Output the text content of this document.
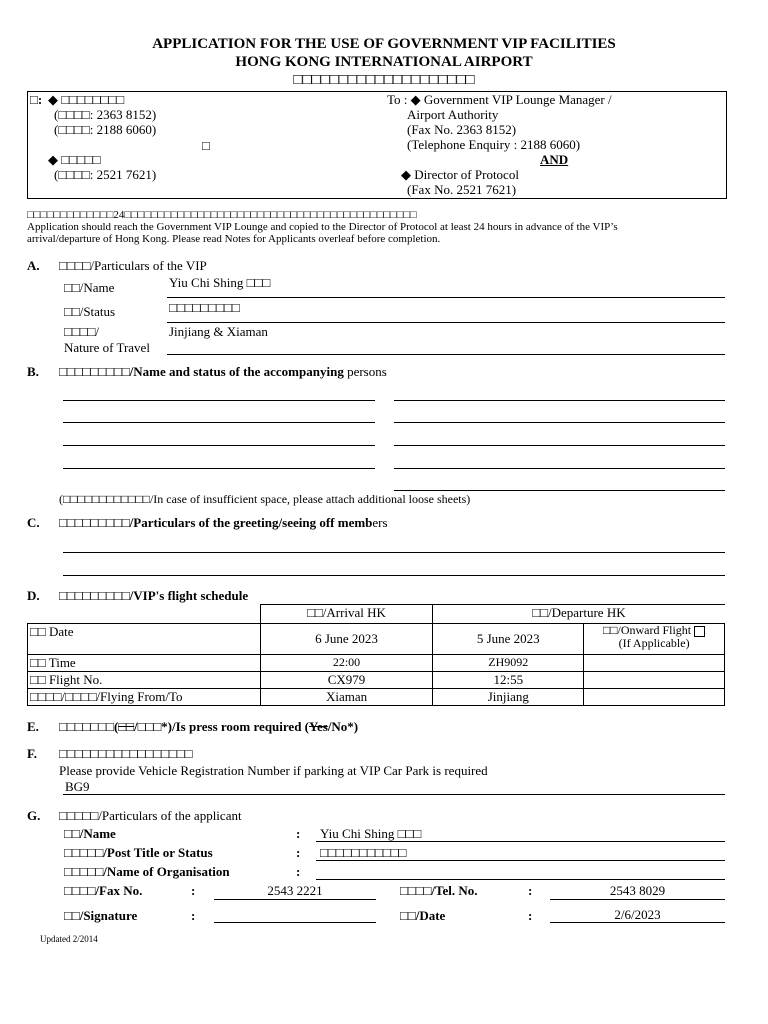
APPLICATION FOR THE USE OF GOVERNMENT VIP FACILITIES
HONG KONG INTERNATIONAL AIRPORT
□□□□□□□□□□□□□□□□□□□□
□: ◆ □□□□□□□□
(□□□□: 2363 8152)
(□□□□: 2188 6060)
□
◆ □□□□□
(□□□□: 2521 7621)
To : ◆ Government VIP Lounge Manager /
Airport Authority
(Fax No. 2363 8152)
(Telephone Enquiry : 2188 6060)
AND
◆ Director of Protocol
(Fax No. 2521 7621)
□□□□□□□□□□□□□24□□□□□□□□□□□□□□□□□□□□□□□□□□□□□□□□□□□□□□□□□□□□
Application should reach the Government VIP Lounge and copied to the Director of Protocol at least 24 hours in advance of the VIP’s
arrival/departure of Hong Kong. Please read Notes for Applicants overleaf before completion.
A. □□□□/Particulars of the VIP
□□/Name	Yiu Chi Shing □□□
□□/Status	□□□□□□□□□
□□□□/
Nature of Travel
Jinjiang & Xiaman
B. □□□□□□□□□/Name and status of the accompanying persons
(□□□□□□□□□□□□/In case of insufficient space, please attach additional loose sheets)
C. □□□□□□□□□/Particulars of the greeting/seeing off members
D. □□□□□□□□□/VIP's flight schedule
	□□/Arrival HK	□□/Departure HK	
□□ Date	6 June 2023	5 June 2023	□□/Onward Flight
(If Applicable)
□□ Time	22:00	ZH9092	
□□ Flight No.	CX979	12:55	
□□□□/□□□□/Flying From/To	Xiaman	Jinjiang	
E. □□□□□□□(□□/□□□*)/Is press room required (Yes/No*)
F. □□□□□□□□□□□□□□□□□
Please provide Vehicle Registration Number if parking at VIP Car Park is required
BG9
G. □□□□□/Particulars of the applicant
□□/Name	: Yiu Chi Shing □□□
□□□□□/Post Title or Status	: □□□□□□□□□□□
□□□□□/Name of Organisation	:
□□□□/Fax No.	:	2543 2221	□□□□/Tel. No.	:	2543 8029
□□/Signature	:	□□/Date	:	2/6/2023
Updated 2/2014
